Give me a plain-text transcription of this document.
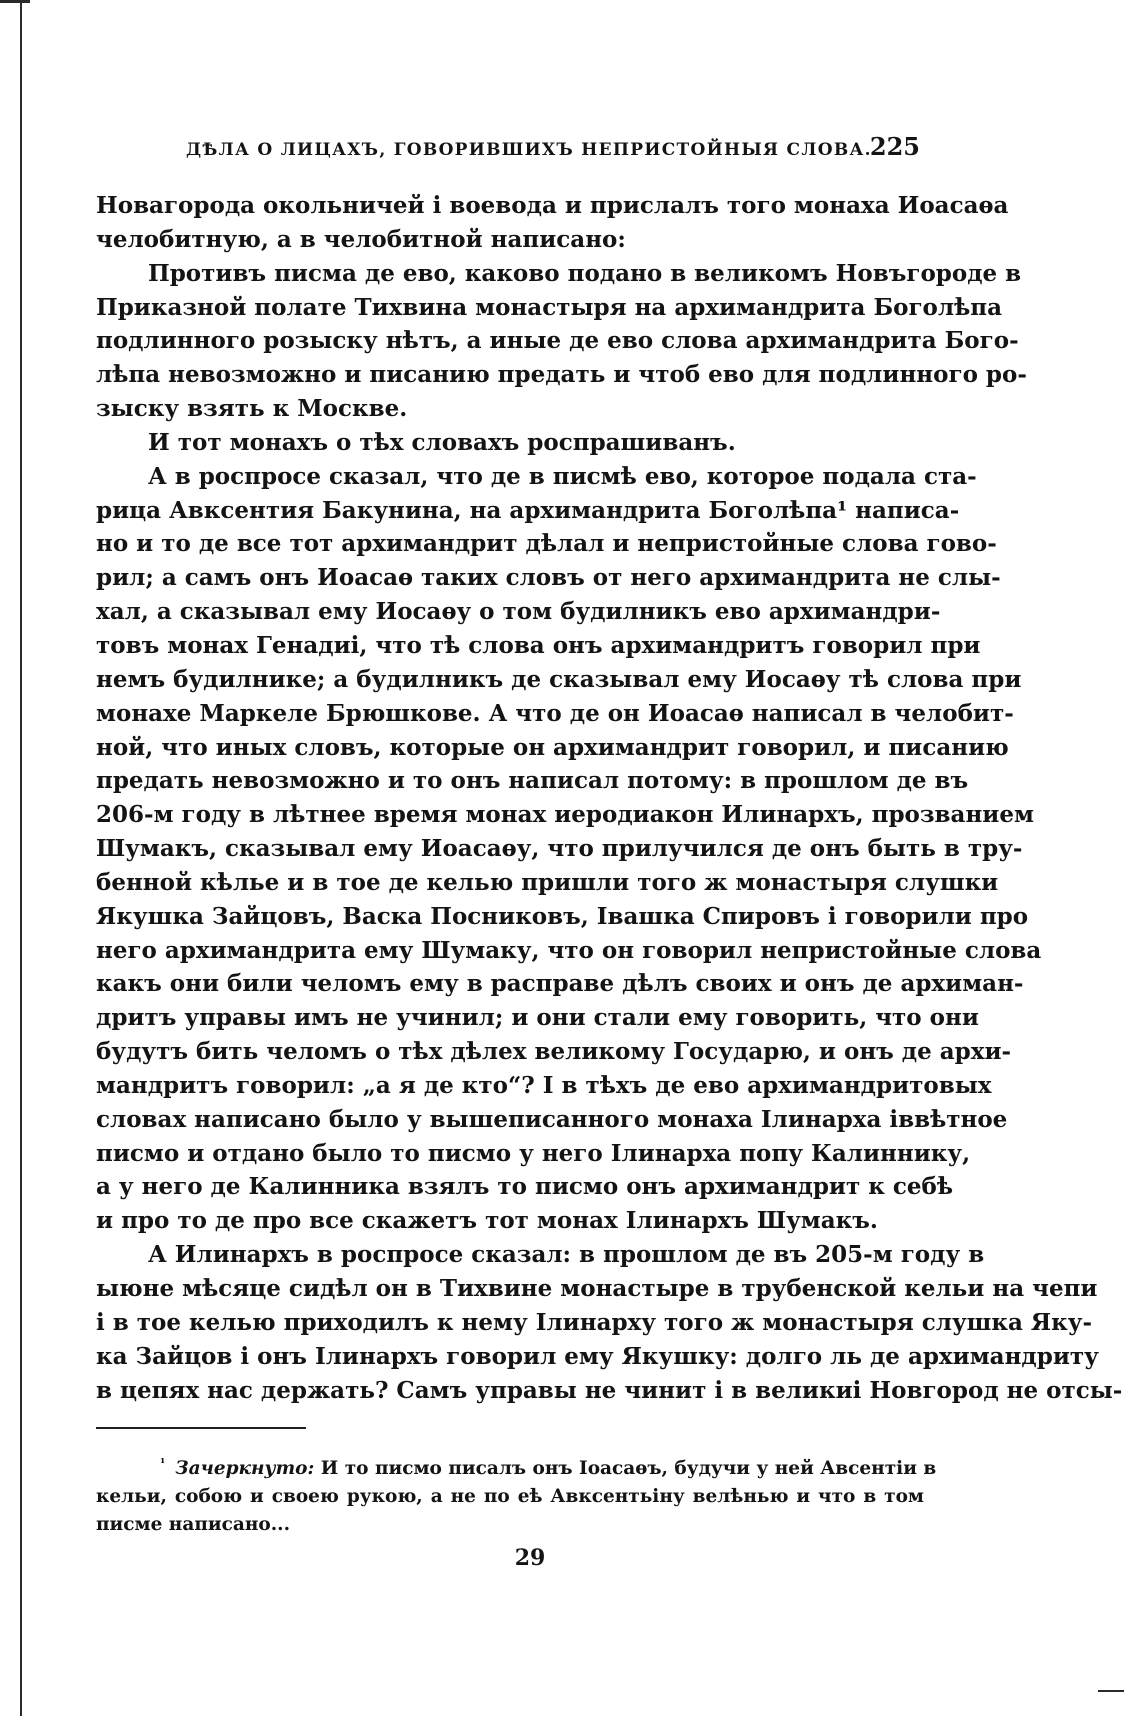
ДѢЛА О ЛИЦАХЪ, ГОВОРИВШИХЪ НЕПРИСТОЙНЫЯ СЛОВА.
225
Новагорода окольничей і воевода и прислалъ того монаха Иоасаѳа
челобитную, а в челобитной написано:
Противъ писма де ево, каково подано в великомъ Новъгороде в
Приказной полате Тихвина монастыря на архимандрита Боголѣпа
подлинного розыску нѣтъ, а иные де ево слова архимандрита Бого-
лѣпа невозможно и писанию предать и чтоб ево для подлинного ро-
зыску взять к Москве.
И тот монахъ о тѣх словахъ роспрашиванъ.
А в роспросе сказал, что де в писмѣ ево, которое подала ста-
рица Авксентия Бакунина, на архимандрита Боголѣпа¹ написа-
но и то де все тот архимандрит дѣлал и непристойные слова гово-
рил; а самъ онъ Иоасаѳ таких словъ от него архимандрита не слы-
хал, а сказывал ему Иосаѳу о том будилникъ ево архимандри-
товъ монах Генадиі, что тѣ слова онъ архимандритъ говорил при
немъ будилнике; а будилникъ де сказывал ему Иосаѳу тѣ слова при
монахе Маркеле Брюшкове. А что де он Иоасаѳ написал в челобит-
ной, что иных словъ, которые он архимандрит говорил, и писанию
предать невозможно и то онъ написал потому: в прошлом де въ
206-м году в лѣтнее время монах иеродиакон Илинархъ, прозванием
Шумакъ, сказывал ему Иоасаѳу, что прилучился де онъ быть в тру-
бенной кѣлье и в тое де келью пришли того ж монастыря слушки
Якушка Зайцовъ, Васка Посниковъ, Івашка Спировъ і говорили про
него архимандрита ему Шумаку, что он говорил непристойные слова
какъ они били челомъ ему в расправе дѣлъ своих и онъ де архиман-
дритъ управы имъ не учинил; и они стали ему говорить, что они
будутъ бить челомъ о тѣх дѣлех великому Государю, и онъ де архи-
мандритъ говорил: „а я де кто“? І в тѣхъ де ево архимандритовых
словах написано было у вышеписанного монаха Ілинарха іввѣтное
писмо и отдано было то писмо у него Ілинарха попу Калиннику,
а у него де Калинника взялъ то писмо онъ архимандрит к себѣ
и про то де про все скажетъ тот монах Ілинархъ Шумакъ.
А Илинархъ в роспросе сказал: в прошлом де въ 205-м году в
ыюне мѣсяце сидѣл он в Тихвине монастыре в трубенской кельи на чепи
і в тое келью приходилъ к нему Ілинарху того ж монастыря слушка Яку-
ка Зайцов і онъ Ілинархъ говорил ему Якушку: долго ль де архимандриту
в цепях нас держать? Самъ управы не чинит і в великиі Новгород не отсы-
$^{^1}$ Зачеркнуто: И то писмо писалъ онъ Іоасаѳъ, будучи у ней Авсентіи в
кельи, собою и своею рукою, а не по еѣ Авксентьіну велѣнью и что в том
писме написано...
29
